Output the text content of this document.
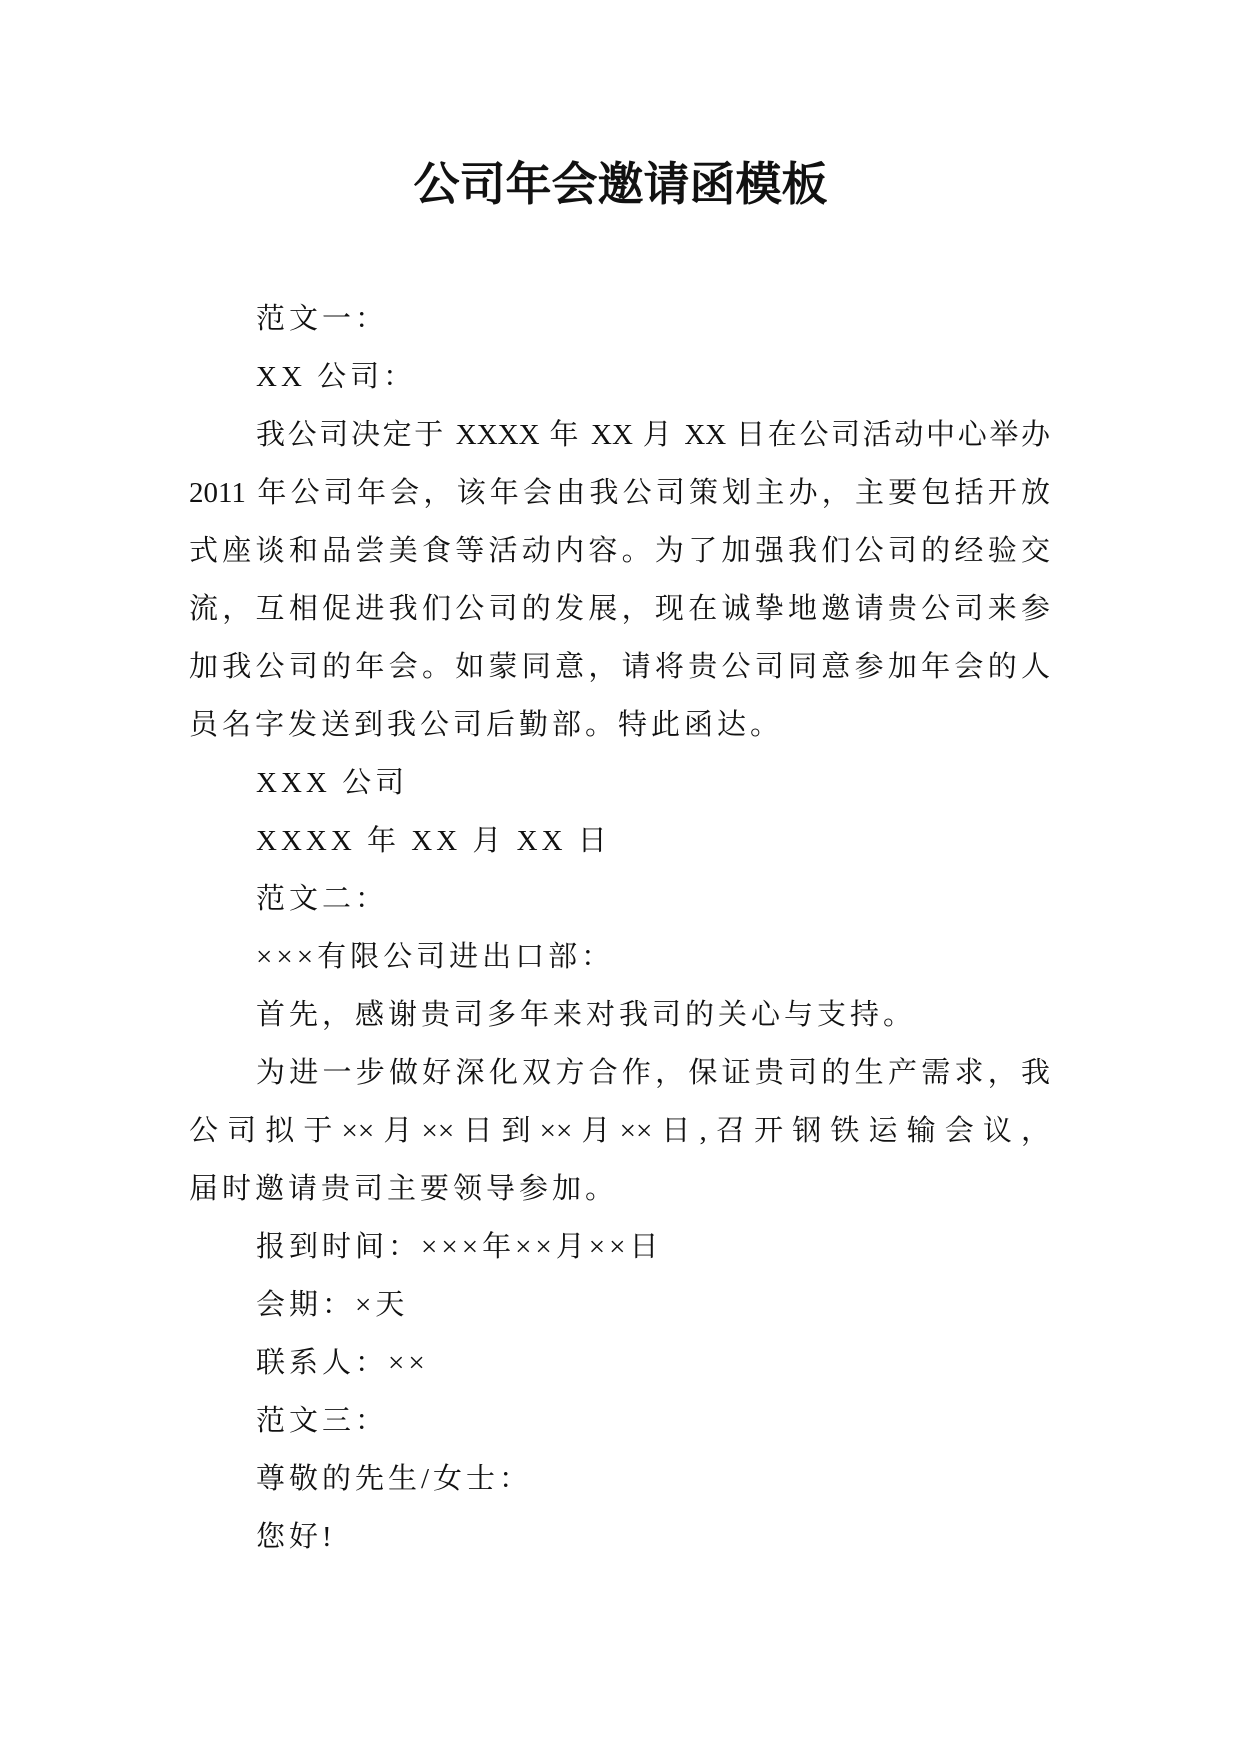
公司年会邀请函模板
范文一：
XX 公司：
我公司决定于 XXXX 年 XX 月 XX 日在公司活动中心举办
2011 年公司年会，该年会由我公司策划主办，主要包括开放
式座谈和品尝美食等活动内容。为了加强我们公司的经验交
流，互相促进我们公司的发展，现在诚挚地邀请贵公司来参
加我公司的年会。如蒙同意，请将贵公司同意参加年会的人
员名字发送到我公司后勤部。特此函达。
XXX 公司
XXXX 年 XX 月 XX 日
范文二：
×××有限公司进出口部：
首先，感谢贵司多年来对我司的关心与支持。
为进一步做好深化双方合作，保证贵司的生产需求，我
公司拟于××月××日到××月××日,召开钢铁运输会议，
届时邀请贵司主要领导参加。
报到时间：×××年××月××日
会期：×天
联系人：××
范文三：
尊敬的先生/女士：
您好!
